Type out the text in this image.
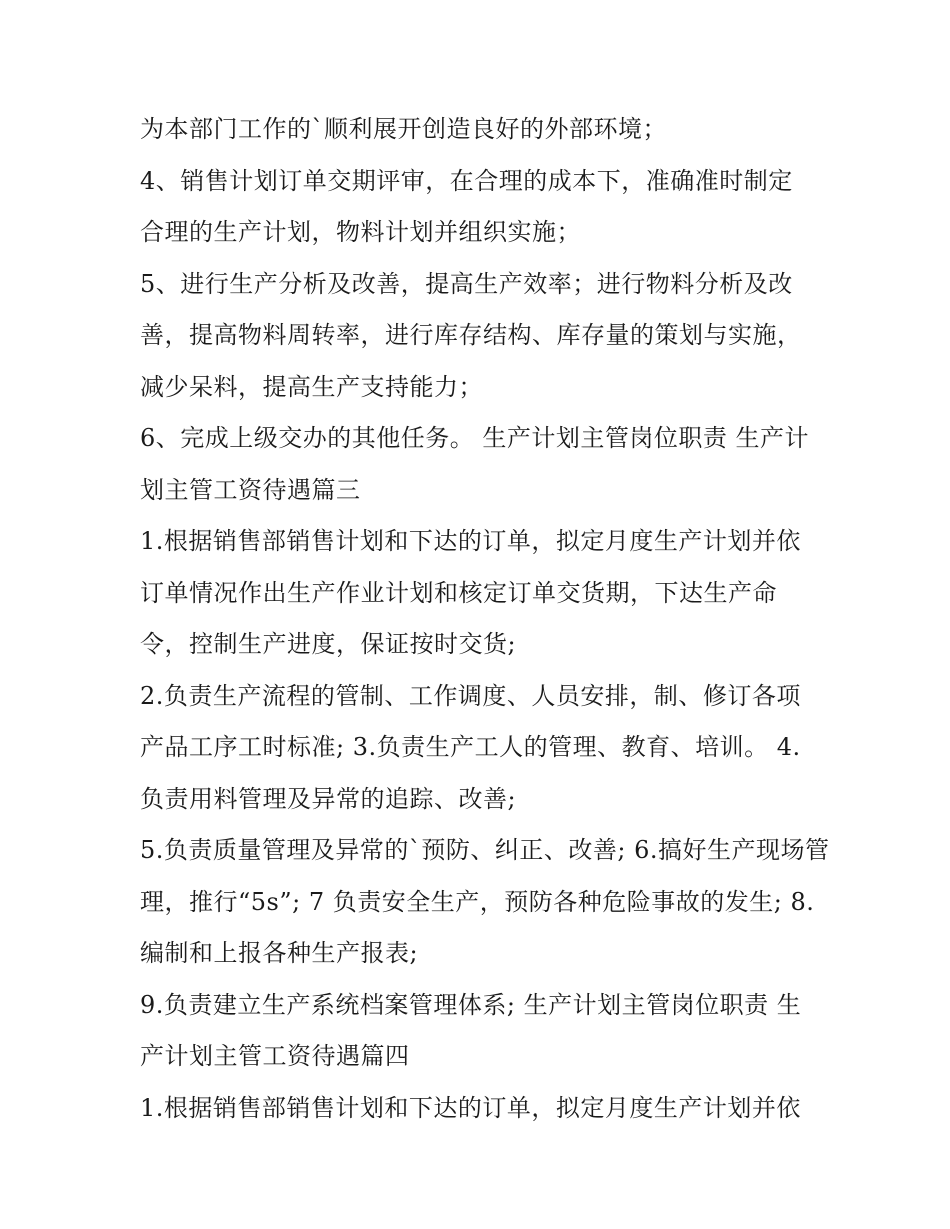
为本部门工作的`顺利展开创造良好的外部环境；
4、销售计划订单交期评审，在合理的成本下，准确准时制定
合理的生产计划，物料计划并组织实施；
5、进行生产分析及改善，提高生产效率；进行物料分析及改
善，提高物料周转率，进行库存结构、库存量的策划与实施，
减少呆料，提高生产支持能力；
6、完成上级交办的其他任务。 生产计划主管岗位职责 生产计
划主管工资待遇篇三
1.根据销售部销售计划和下达的订单，拟定月度生产计划并依
订单情况作出生产作业计划和核定订单交货期，下达生产命
令，控制生产进度，保证按时交货;
2.负责生产流程的管制、工作调度、人员安排，制、修订各项
产品工序工时标准; 3.负责生产工人的管理、教育、培训。 4.
负责用料管理及异常的追踪、改善;
5.负责质量管理及异常的`预防、纠正、改善; 6.搞好生产现场管
理，推行“5s”; 7 负责安全生产，预防各种危险事故的发生; 8.
编制和上报各种生产报表;
9.负责建立生产系统档案管理体系; 生产计划主管岗位职责 生
产计划主管工资待遇篇四
1.根据销售部销售计划和下达的订单，拟定月度生产计划并依
